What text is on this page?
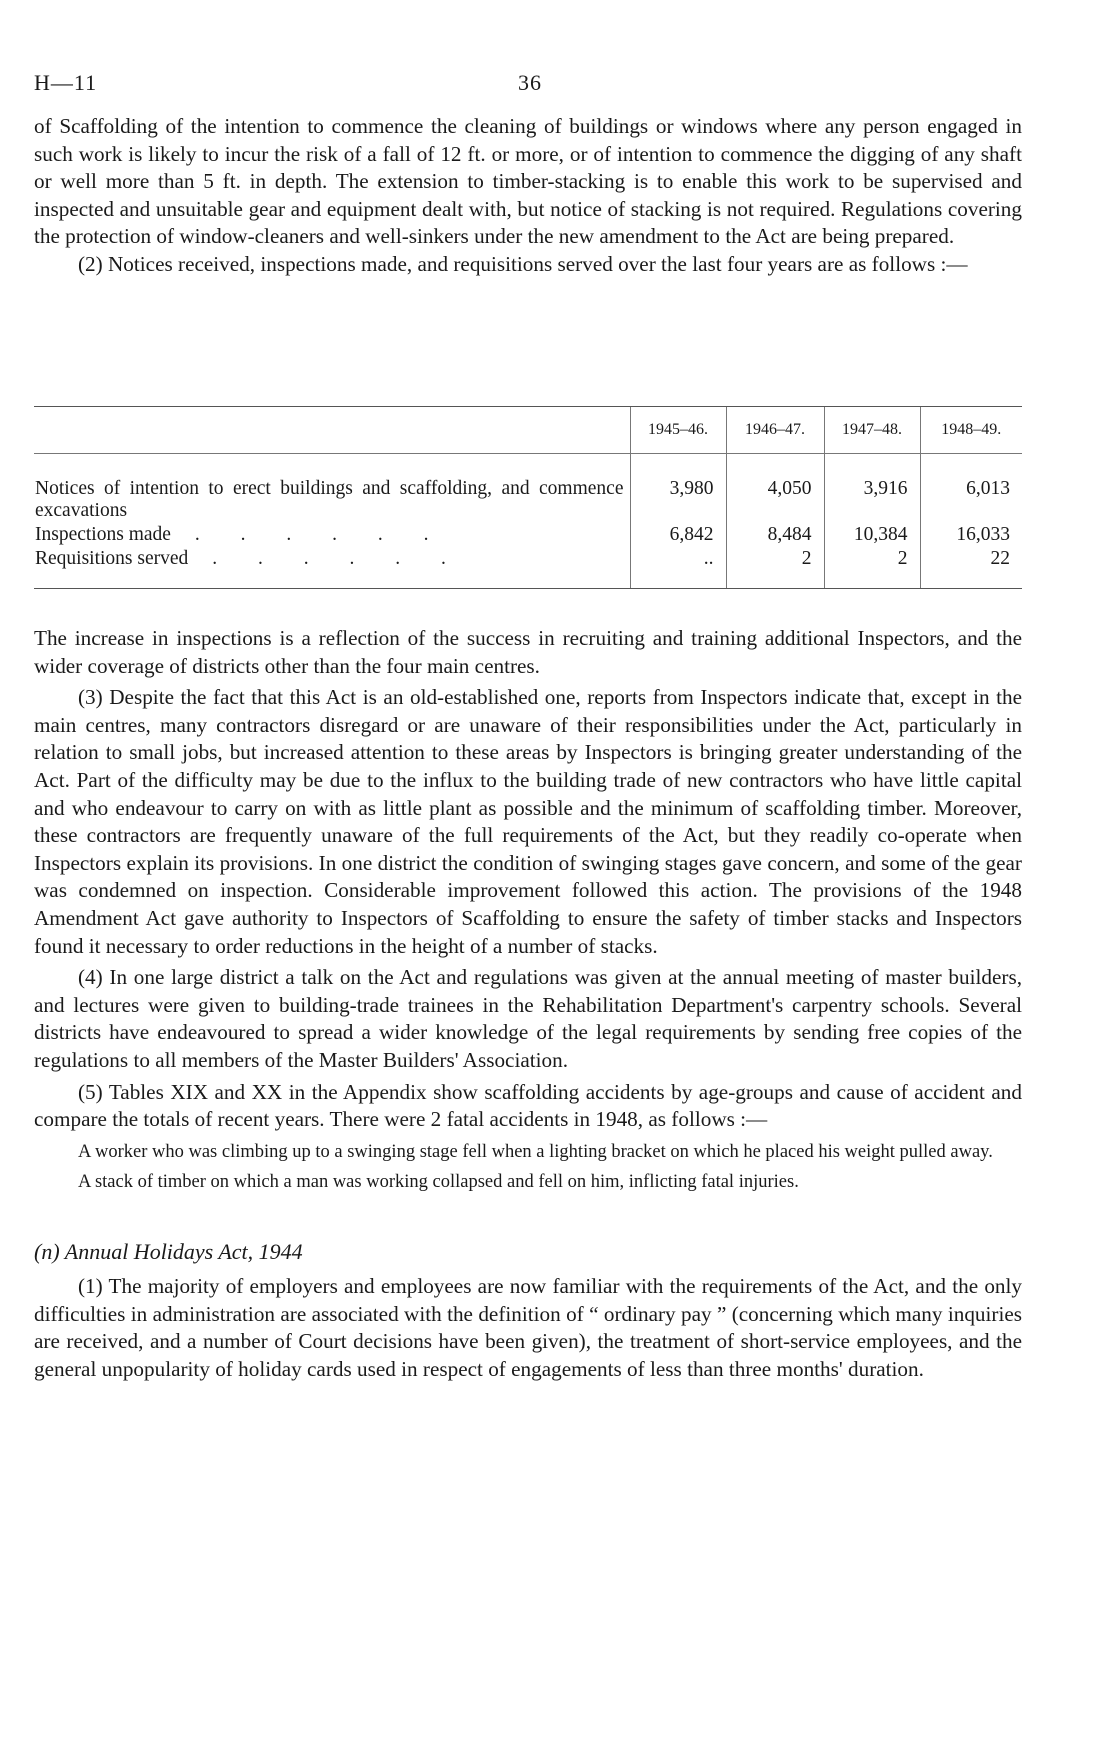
H—11	36

of Scaffolding of the intention to commence the cleaning of buildings or windows where any person engaged in such work is likely to incur the risk of a fall of 12 ft. or more, or of intention to commence the digging of any shaft or well more than 5 ft. in depth. The extension to timber-stacking is to enable this work to be supervised and inspected and unsuitable gear and equipment dealt with, but notice of stacking is not required. Regulations covering the protection of window-cleaners and well-sinkers under the new amendment to the Act are being prepared.

(2) Notices received, inspections made, and requisitions served over the last four years are as follows :—

	1945–46.	1946–47.	1947–48.	1948–49.
Notices of intention to erect buildings and scaffolding, and commence excavations	3,980	4,050	3,916	6,013
Inspections made . . . . . .	6,842	8,484	10,384	16,033
Requisitions served . . . . . .	..	2	2	22

The increase in inspections is a reflection of the success in recruiting and training additional Inspectors, and the wider coverage of districts other than the four main centres.

(3) Despite the fact that this Act is an old-established one, reports from Inspectors indicate that, except in the main centres, many contractors disregard or are unaware of their responsibilities under the Act, particularly in relation to small jobs, but increased attention to these areas by Inspectors is bringing greater understanding of the Act. Part of the difficulty may be due to the influx to the building trade of new contractors who have little capital and who endeavour to carry on with as little plant as possible and the minimum of scaffolding timber. Moreover, these contractors are frequently unaware of the full requirements of the Act, but they readily co-operate when Inspectors explain its provisions. In one district the condition of swinging stages gave concern, and some of the gear was condemned on inspection. Considerable improvement followed this action. The provisions of the 1948 Amendment Act gave authority to Inspectors of Scaffolding to ensure the safety of timber stacks and Inspectors found it necessary to order reductions in the height of a number of stacks.

(4) In one large district a talk on the Act and regulations was given at the annual meeting of master builders, and lectures were given to building-trade trainees in the Rehabilitation Department's carpentry schools. Several districts have endeavoured to spread a wider knowledge of the legal requirements by sending free copies of the regulations to all members of the Master Builders' Association.

(5) Tables XIX and XX in the Appendix show scaffolding accidents by age-groups and cause of accident and compare the totals of recent years. There were 2 fatal accidents in 1948, as follows :—

A worker who was climbing up to a swinging stage fell when a lighting bracket on which he placed his weight pulled away.

A stack of timber on which a man was working collapsed and fell on him, inflicting fatal injuries.

(n) Annual Holidays Act, 1944

(1) The majority of employers and employees are now familiar with the requirements of the Act, and the only difficulties in administration are associated with the definition of “ ordinary pay ” (concerning which many inquiries are received, and a number of Court decisions have been given), the treatment of short-service employees, and the general unpopularity of holiday cards used in respect of engagements of less than three months' duration.
